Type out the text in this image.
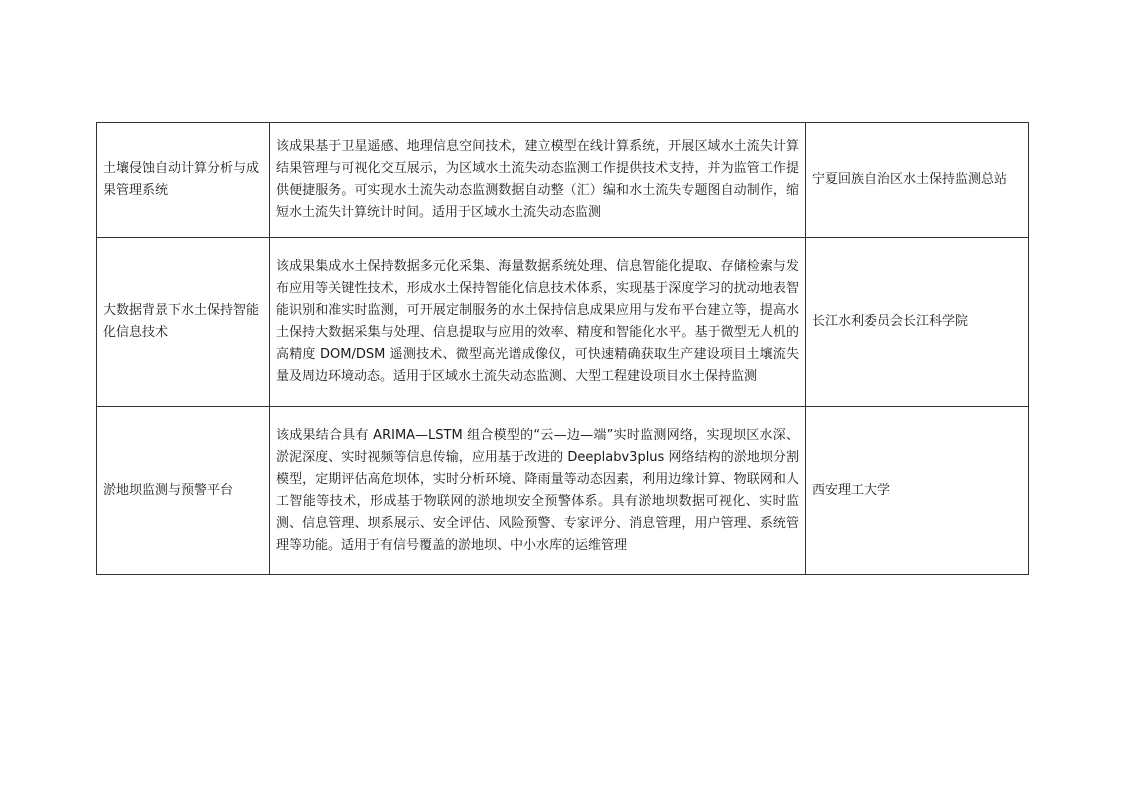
土壤侵蚀自动计算分析与成果管理系统	该成果基于卫星遥感、地理信息空间技术，建立模型在线计算系统，开展区域水土流失计算结果管理与可视化交互展示，为区域水土流失动态监测工作提供技术支持，并为监管工作提供便捷服务。可实现水土流失动态监测数据自动整（汇）编和水土流失专题图自动制作，缩短水土流失计算统计时间。适用于区域水土流失动态监测	宁夏回族自治区水土保持监测总站
大数据背景下水土保持智能化信息技术	该成果集成水土保持数据多元化采集、海量数据系统处理、信息智能化提取、存储检索与发布应用等关键性技术，形成水土保持智能化信息技术体系，实现基于深度学习的扰动地表智能识别和准实时监测，可开展定制服务的水土保持信息成果应用与发布平台建立等，提高水土保持大数据采集与处理、信息提取与应用的效率、精度和智能化水平。基于微型无人机的高精度 DOM/DSM 遥测技术、微型高光谱成像仪，可快速精确获取生产建设项目土壤流失量及周边环境动态。适用于区域水土流失动态监测、大型工程建设项目水土保持监测	长江水利委员会长江科学院
淤地坝监测与预警平台	该成果结合具有 ARIMA—LSTM 组合模型的“云—边—端”实时监测网络，实现坝区水深、淤泥深度、实时视频等信息传输，应用基于改进的 Deeplabv3plus 网络结构的淤地坝分割模型，定期评估高危坝体，实时分析环境、降雨量等动态因素，利用边缘计算、物联网和人工智能等技术，形成基于物联网的淤地坝安全预警体系。具有淤地坝数据可视化、实时监测、信息管理、坝系展示、安全评估、风险预警、专家评分、消息管理，用户管理、系统管理等功能。适用于有信号覆盖的淤地坝、中小水库的运维管理	西安理工大学
